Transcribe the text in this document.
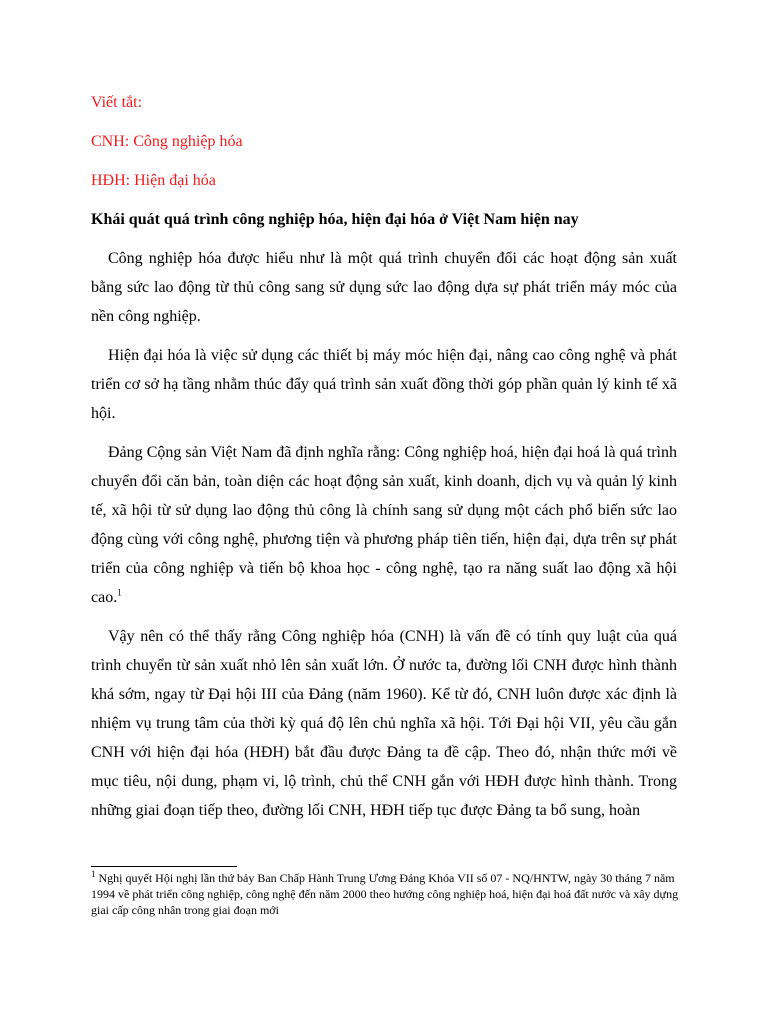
Viết tắt:

CNH: Công nghiệp hóa

HĐH: Hiện đại hóa

Khái quát quá trình công nghiệp hóa, hiện đại hóa ở Việt Nam hiện nay

Công nghiệp hóa được hiểu như là một quá trình chuyển đổi các hoạt động sản xuất bằng sức lao động từ thủ công sang sử dụng sức lao động dựa sự phát triển máy móc của nền công nghiệp.

Hiện đại hóa là việc sử dụng các thiết bị máy móc hiện đại, nâng cao công nghệ và phát triển cơ sở hạ tầng nhằm thúc đẩy quá trình sản xuất đồng thời góp phần quản lý kinh tế xã hội.

Đảng Cộng sản Việt Nam đã định nghĩa rằng: Công nghiệp hoá, hiện đại hoá là quá trình chuyển đổi căn bản, toàn diện các hoạt động sản xuất, kinh doanh, dịch vụ và quản lý kinh tế, xã hội từ sử dụng lao động thủ công là chính sang sử dụng một cách phổ biến sức lao động cùng với công nghệ, phương tiện và phương pháp tiên tiến, hiện đại, dựa trên sự phát triển của công nghiệp và tiến bộ khoa học - công nghệ, tạo ra năng suất lao động xã hội cao.$^1$

Vậy nên có thể thấy rằng Công nghiệp hóa (CNH) là vấn đề có tính quy luật của quá trình chuyển từ sản xuất nhỏ lên sản xuất lớn. Ở nước ta, đường lối CNH được hình thành khá sớm, ngay từ Đại hội III của Đảng (năm 1960). Kể từ đó, CNH luôn được xác định là nhiệm vụ trung tâm của thời kỳ quá độ lên chủ nghĩa xã hội. Tới Đại hội VII, yêu cầu gắn CNH với hiện đại hóa (HĐH) bắt đầu được Đảng ta đề cập. Theo đó, nhận thức mới về mục tiêu, nội dung, phạm vi, lộ trình, chủ thể CNH gắn với HĐH được hình thành. Trong những giai đoạn tiếp theo, đường lối CNH, HĐH tiếp tục được Đảng ta bổ sung, hoàn

$^1$ Nghị quyết Hội nghị lần thứ bảy Ban Chấp Hành Trung Ương Đảng Khóa VII số 07 - NQ/HNTW, ngày 30 tháng 7 năm 1994 về phát triển công nghiệp, công nghệ đến năm 2000 theo hướng công nghiệp hoá, hiện đại hoá đất nước và xây dựng giai cấp công nhân trong giai đoạn mới
